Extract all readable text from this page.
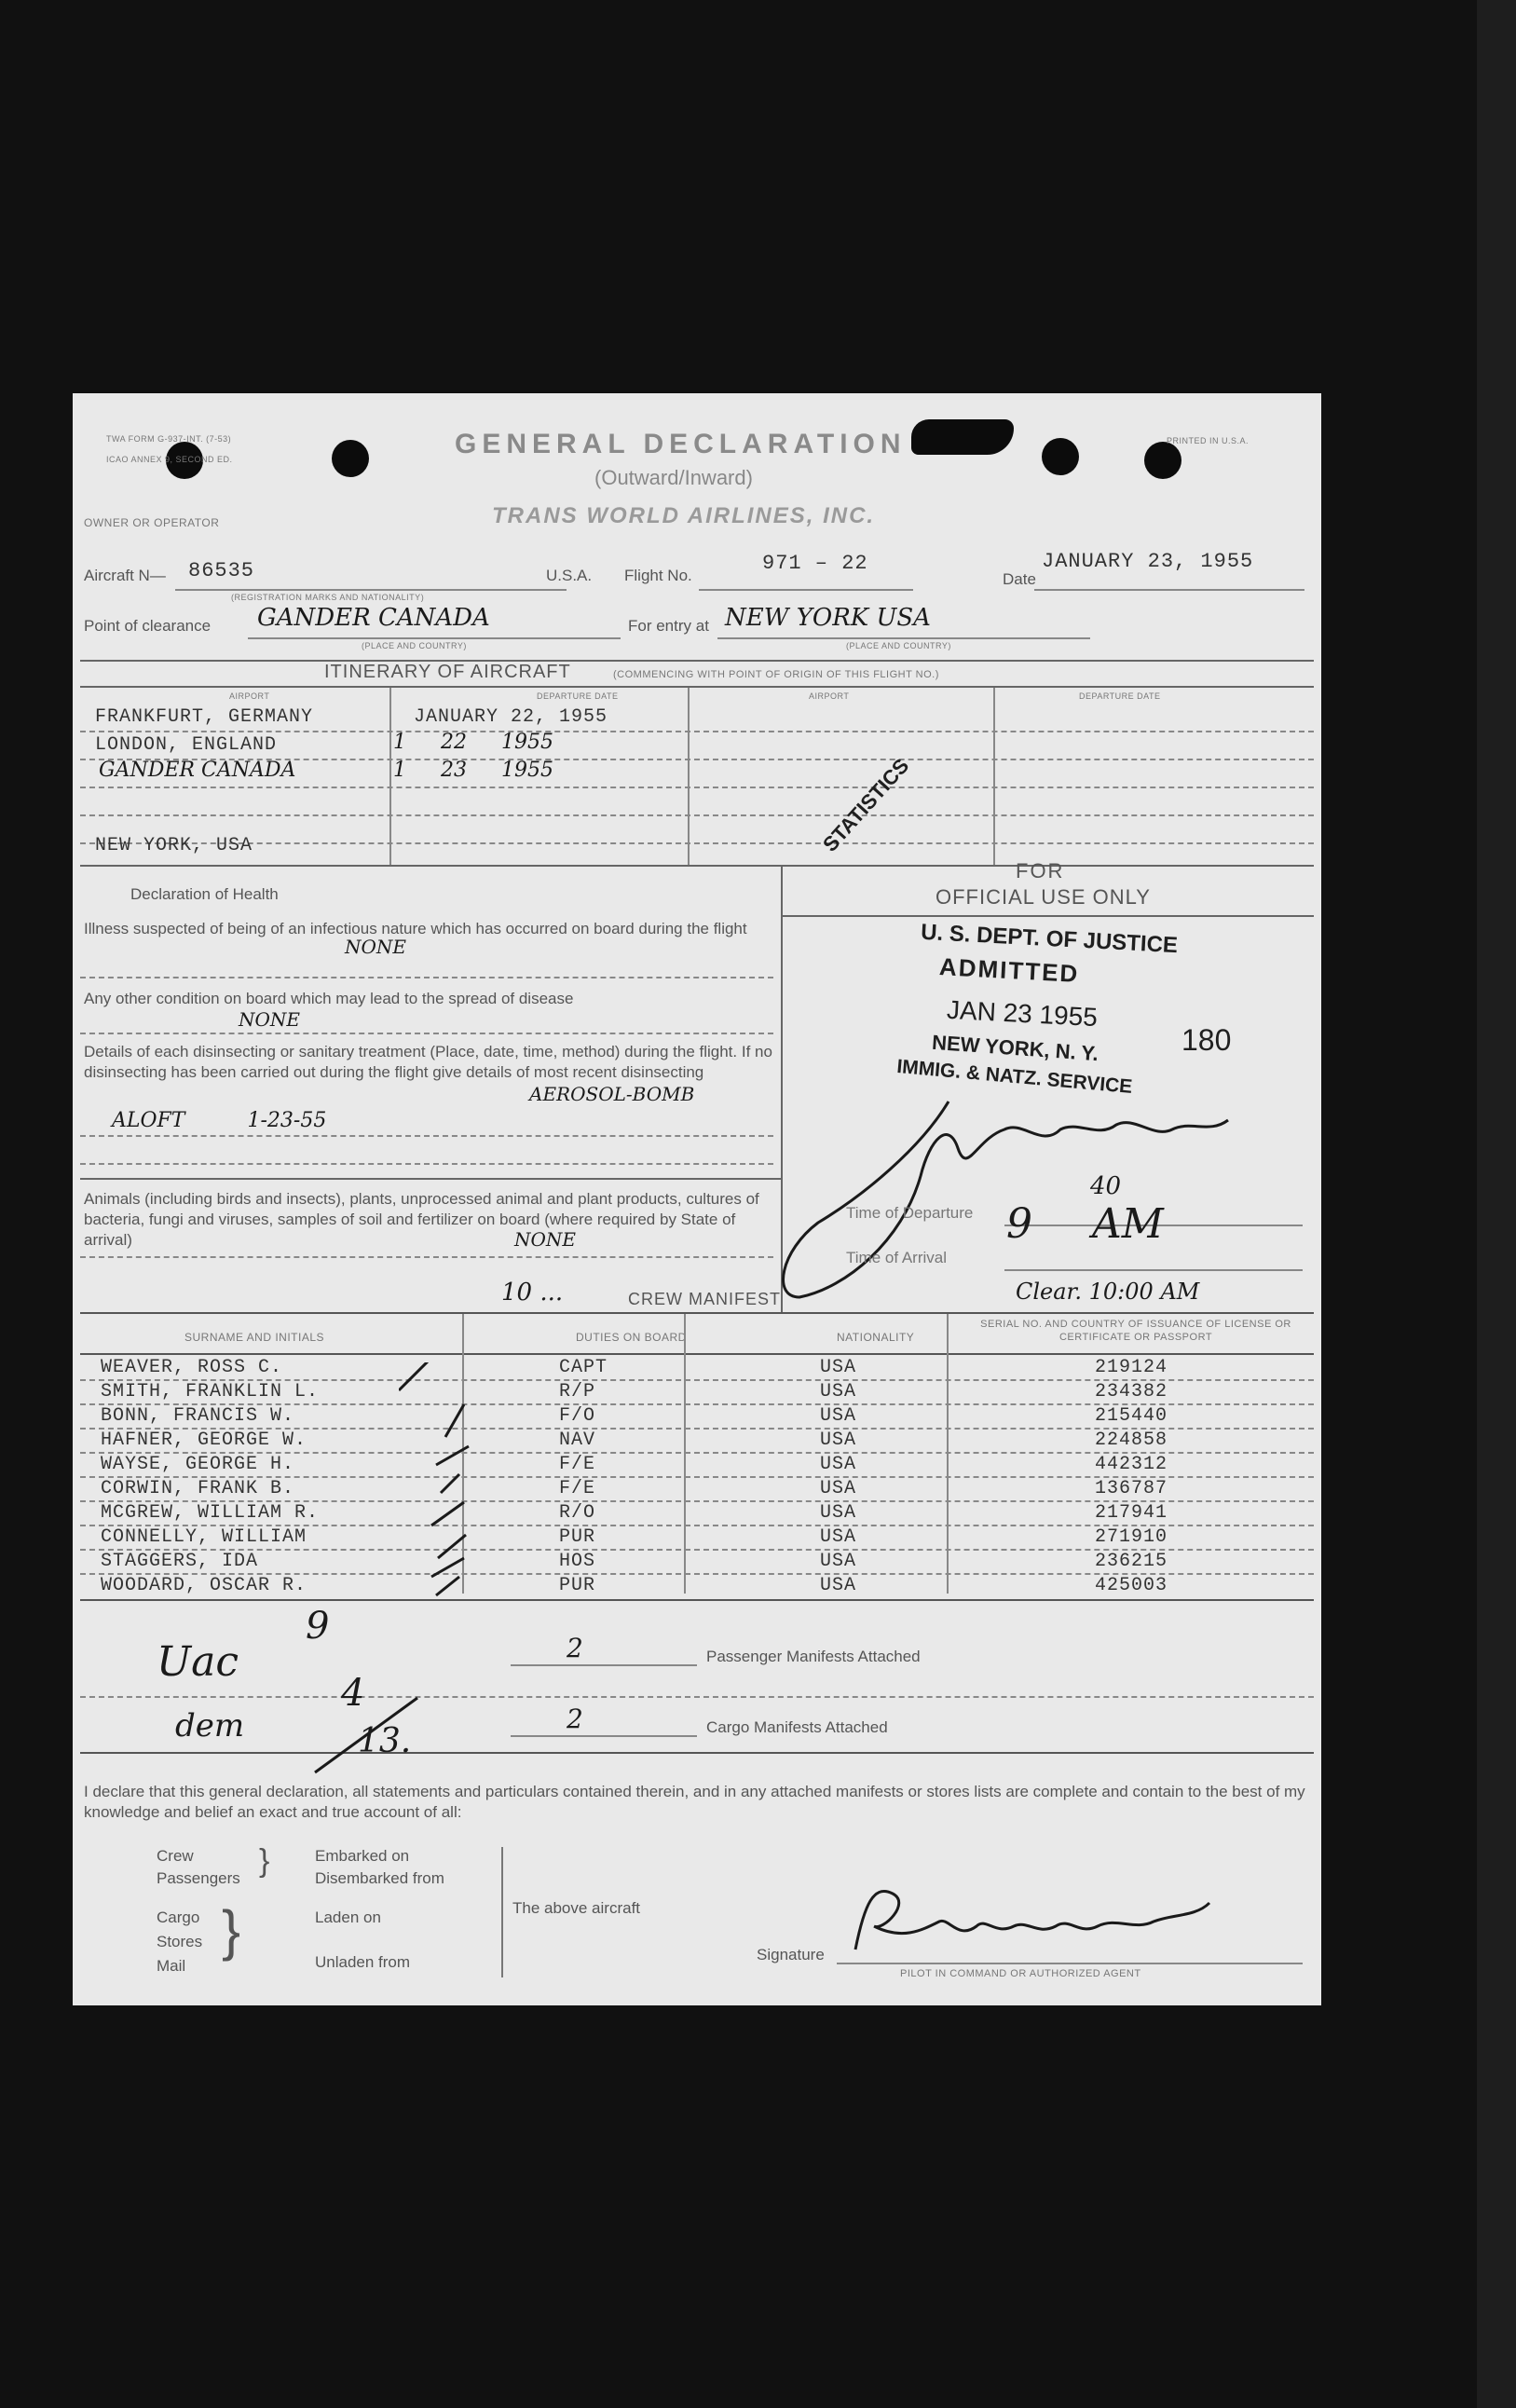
TWA FORM G-937-INT. (7-53)
ICAO ANNEX 9, SECOND ED.
PRINTED IN U.S.A.
GENERAL DECLARATION
(Outward/Inward)
TRANS WORLD AIRLINES, INC.
OWNER OR OPERATOR
Aircraft N— 86535
(REGISTRATION MARKS AND NATIONALITY)
U.S.A. Flight No.
971 – 22
Date
JANUARY 23, 1955
Point of clearance GANDER CANADA
(PLACE AND COUNTRY)
For entry at NEW YORK USA
(PLACE AND COUNTRY)
ITINERARY OF AIRCRAFT	(COMMENCING WITH POINT OF ORIGIN OF THIS FLIGHT NO.)
AIRPORT	DEPARTURE DATE	AIRPORT	DEPARTURE DATE
FRANKFURT, GERMANY	JANUARY 22, 1955
LONDON, ENGLAND	1 22 1955
GANDER CANADA	1 23 1955
NEW YORK, USA
Declaration of Health
Illness suspected of being of an infectious nature which has occurred on board during the flight
NONE
Any other condition on board which may lead to the spread of disease
NONE
Details of each disinsecting or sanitary treatment (Place, date, time, method) during the flight. If no disinsecting has been carried out during the flight give details of most recent disinsecting
AEROSOL-BOMB
ALOFT 1-23-55
Animals (including birds and insects), plants, unprocessed animal and plant products, cultures of bacteria, fungi and viruses, samples of soil and fertilizer on board (where required by State of arrival)	NONE
FOR
OFFICIAL USE ONLY
STATISTICS
U. S. DEPT. OF JUSTICE
ADMITTED
JAN 23 1955
NEW YORK, N. Y.
IMMIG. & NATZ. SERVICE
180
Time of Departure
Time of Arrival
40
9 AM
Clear. 10:00 AM
10 ...	CREW MANIFEST
SURNAME AND INITIALS	DUTIES ON BOARD	NATIONALITY
SERIAL NO. AND COUNTRY OF ISSUANCE OF LICENSE OR CERTIFICATE OR PASSPORT
WEAVER, ROSS C.	CAPT	USA	219124
SMITH, FRANKLIN L.	R/P	USA	234382
BONN, FRANCIS W.	F/O	USA	215440
HAFNER, GEORGE W.	NAV	USA	224858
WAYSE, GEORGE H.	F/E	USA	442312
CORWIN, FRANK B.	F/E	USA	136787
MCGREW, WILLIAM R.	R/O	USA	217941
CONNELLY, WILLIAM	PUR	USA	271910
STAGGERS, IDA	HOS	USA	236215
WOODARD, OSCAR R.	PUR	USA	425003
2	Passenger Manifests Attached
2	Cargo Manifests Attached
Uac
9
dem
4
13.
I declare that this general declaration, all statements and particulars contained therein, and in any attached manifests or stores lists are complete and contain to the best of my knowledge and belief an exact and true account of all:
Crew
Passengers }	Embarked on
Disembarked from
Cargo
Stores
Mail
}	Laden on
Unladen from
The above aircraft
Signature
PILOT IN COMMAND OR AUTHORIZED AGENT
